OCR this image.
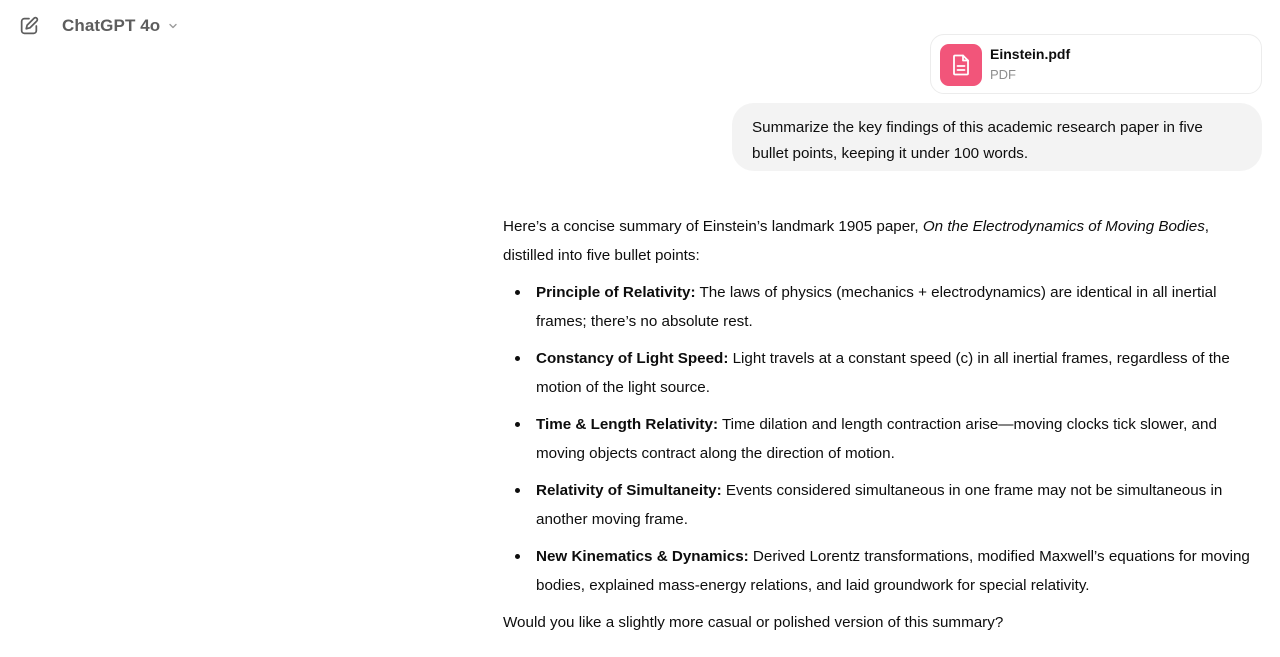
ChatGPT 4o
Einstein.pdf
PDF
Summarize the key findings of this academic research paper in five bullet points, keeping it under 100 words.

Here’s a concise summary of Einstein’s landmark 1905 paper, On the Electrodynamics of Moving Bodies, distilled into five bullet points:

Principle of Relativity: The laws of physics (mechanics + electrodynamics) are identical in all inertial frames; there’s no absolute rest.
Constancy of Light Speed: Light travels at a constant speed (c) in all inertial frames, regardless of the motion of the light source.
Time & Length Relativity: Time dilation and length contraction arise—moving clocks tick slower, and moving objects contract along the direction of motion.
Relativity of Simultaneity: Events considered simultaneous in one frame may not be simultaneous in another moving frame.
New Kinematics & Dynamics: Derived Lorentz transformations, modified Maxwell’s equations for moving bodies, explained mass-energy relations, and laid groundwork for special relativity.

Would you like a slightly more casual or polished version of this summary?
